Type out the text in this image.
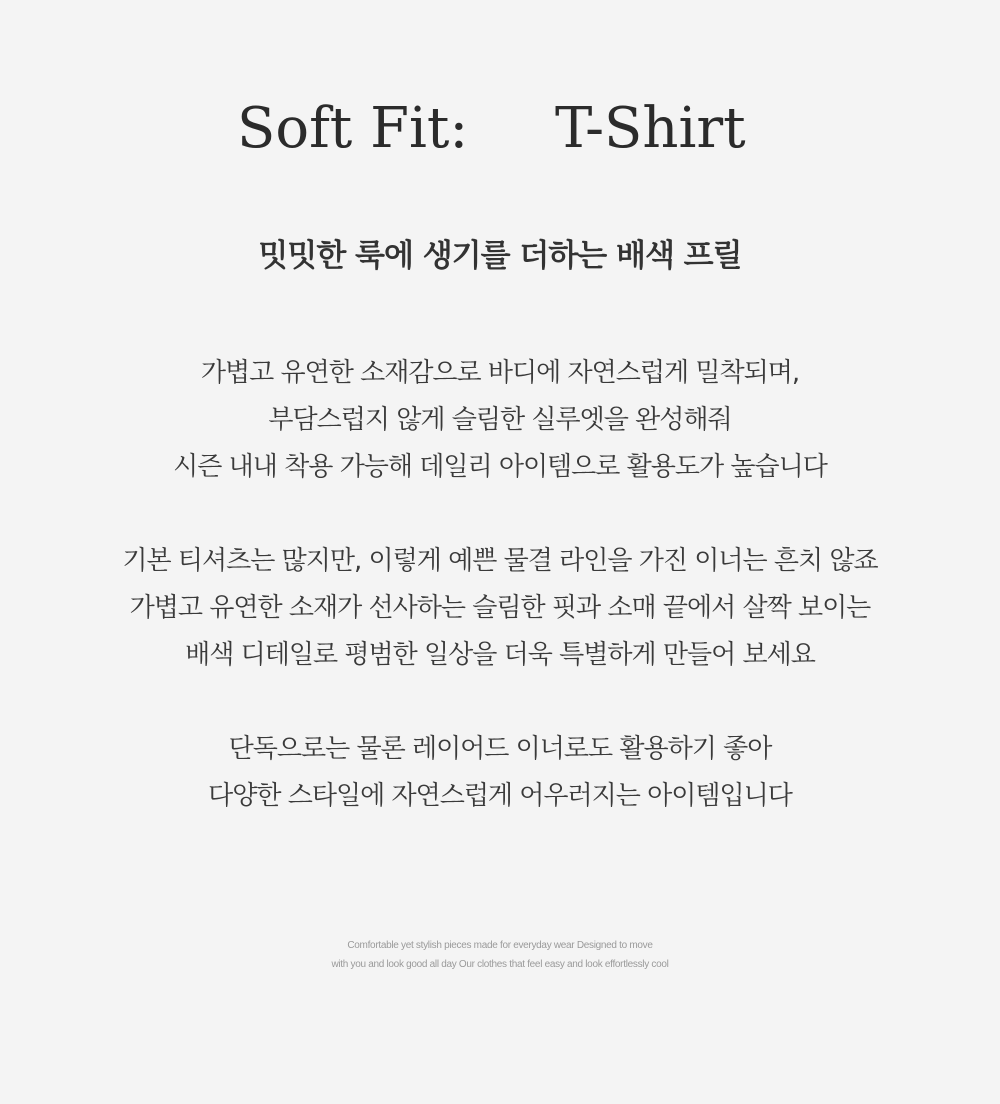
Soft Fit: T-Shirt
밋밋한 룩에 생기를 더하는 배색 프릴
가볍고 유연한 소재감으로 바디에 자연스럽게 밀착되며,
부담스럽지 않게 슬림한 실루엣을 완성해줘
시즌 내내 착용 가능해 데일리 아이템으로 활용도가 높습니다
기본 티셔츠는 많지만, 이렇게 예쁜 물결 라인을 가진 이너는 흔치 않죠
가볍고 유연한 소재가 선사하는 슬림한 핏과 소매 끝에서 살짝 보이는
배색 디테일로 평범한 일상을 더욱 특별하게 만들어 보세요
단독으로는 물론 레이어드 이너로도 활용하기 좋아
다양한 스타일에 자연스럽게 어우러지는 아이템입니다
Comfortable yet stylish pieces made for everyday wear Designed to move
with you and look good all day Our clothes that feel easy and look effortlessly cool
